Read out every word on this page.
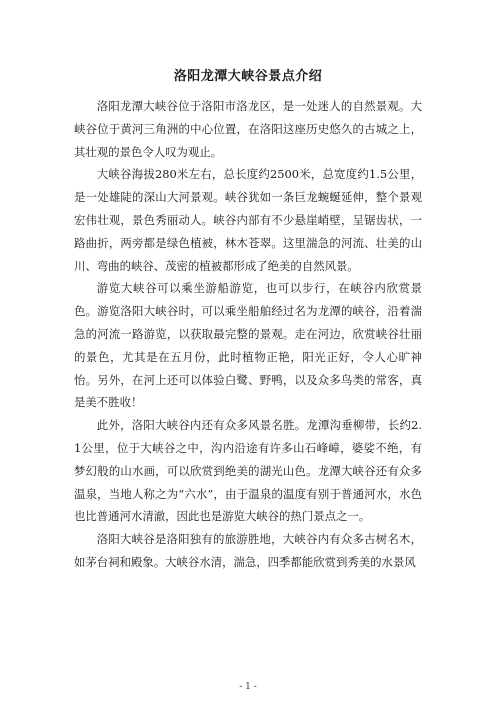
洛阳龙潭大峡谷景点介绍

洛阳龙潭大峡谷位于洛阳市洛龙区，是一处迷人的自然景观。大峡谷位于黄河三角洲的中心位置，在洛阳这座历史悠久的古城之上，其壮观的景色令人叹为观止。

大峡谷海拔280米左右，总长度约2500米，总宽度约1.5公里，是一处雄陡的深山大河景观。峡谷犹如一条巨龙蜿蜒延伸，整个景观宏伟壮观，景色秀丽动人。峡谷内部有不少悬崖峭壁，呈锯齿状，一路曲折，两旁都是绿色植被，林木苍翠。这里湍急的河流、壮美的山川、弯曲的峡谷、茂密的植被都形成了绝美的自然风景。

游览大峡谷可以乘坐游船游览，也可以步行，在峡谷内欣赏景色。游览洛阳大峡谷时，可以乘坐船舶经过名为龙潭的峡谷，沿着湍急的河流一路游览，以获取最完整的景观。走在河边，欣赏峡谷壮丽的景色，尤其是在五月份，此时植物正艳，阳光正好，令人心旷神怡。另外，在河上还可以体验白鹭、野鸭，以及众多鸟类的常客，真是美不胜收！

此外，洛阳大峡谷内还有众多风景名胜。龙潭沟垂柳带，长约2.1公里，位于大峡谷之中，沟内沿途有许多山石峰嶂，婆娑不绝，有梦幻般的山水画，可以欣赏到绝美的湖光山色。龙潭大峡谷还有众多温泉，当地人称之为“六水”，由于温泉的温度有别于普通河水，水色也比普通河水清澈，因此也是游览大峡谷的热门景点之一。

洛阳大峡谷是洛阳独有的旅游胜地，大峡谷内有众多古树名木，如茅台祠和殿象。大峡谷水清，湍急，四季都能欣赏到秀美的水景风

- 1 -
